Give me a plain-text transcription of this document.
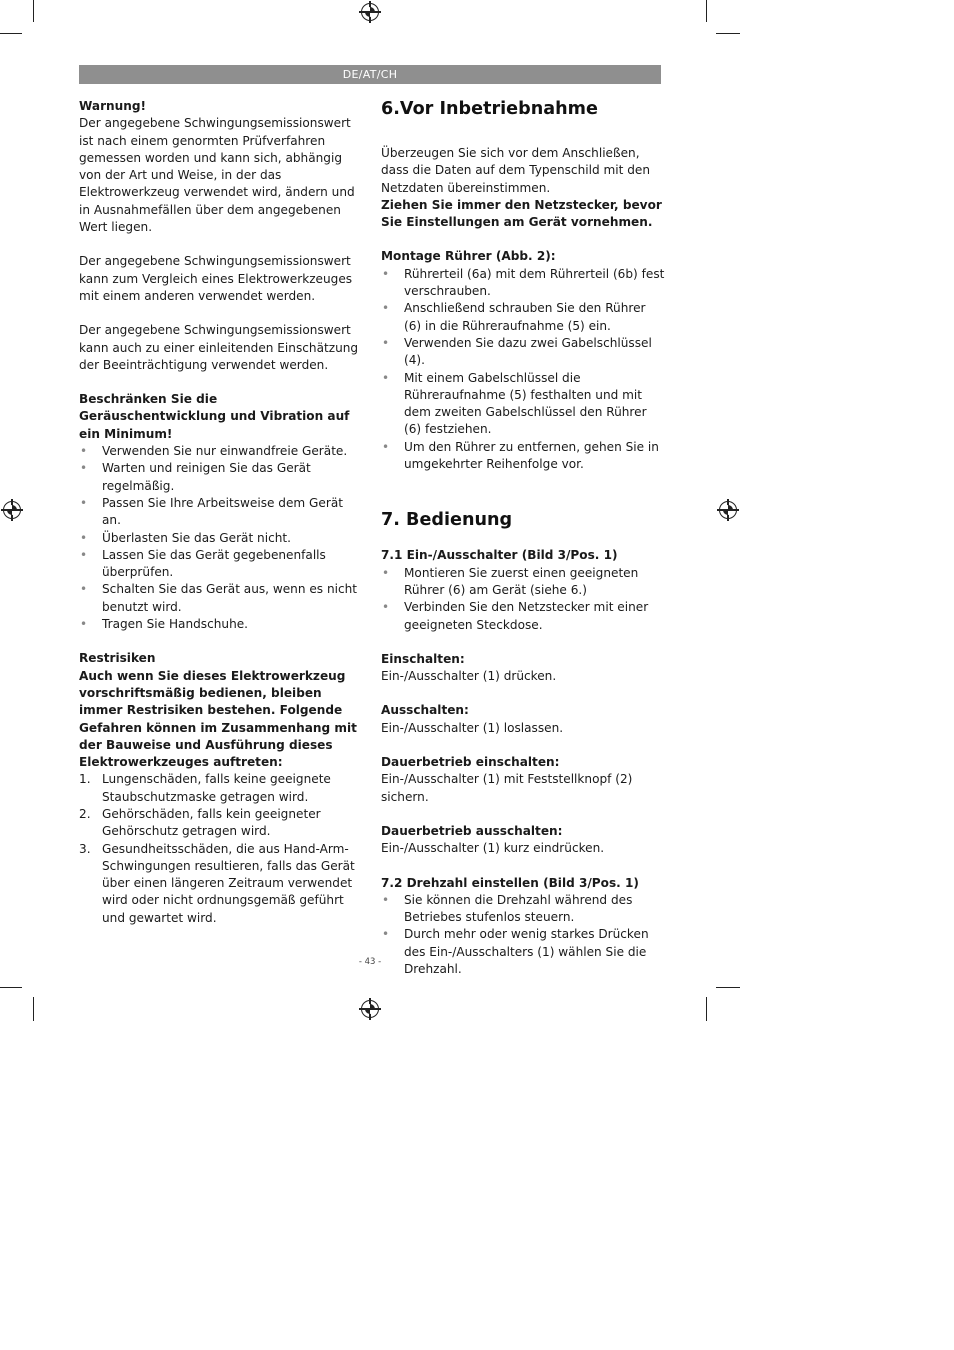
DE/AT/CH

Warnung!

Der angegebene Schwingungsemissionswert ist nach einem genormten Prüfverfahren gemessen worden und kann sich, abhängig von der Art und Weise, in der das Elektrowerkzeug verwendet wird, ändern und in Ausnahmefällen über dem angegebenen Wert liegen.

Der angegebene Schwingungsemissionswert kann zum Vergleich eines Elektrowerkzeuges mit einem anderen verwendet werden.

Der angegebene Schwingungsemissionswert kann auch zu einer einleitenden Einschätzung der Beeinträchtigung verwendet werden.

Beschränken Sie die Geräuschentwicklung und Vibration auf ein Minimum!

• Verwenden Sie nur einwandfreie Geräte.
• Warten und reinigen Sie das Gerät regelmäßig.
• Passen Sie Ihre Arbeitsweise dem Gerät an.
• Überlasten Sie das Gerät nicht.
• Lassen Sie das Gerät gegebenenfalls überprüfen.
• Schalten Sie das Gerät aus, wenn es nicht benutzt wird.
• Tragen Sie Handschuhe.

Restrisiken

Auch wenn Sie dieses Elektrowerkzeug vorschriftsmäßig bedienen, bleiben immer Restrisiken bestehen. Folgende Gefahren können im Zusammenhang mit der Bauweise und Ausführung dieses Elektrowerkzeuges auftreten:

1. Lungenschäden, falls keine geeignete Staubschutzmaske getragen wird.
2. Gehörschäden, falls kein geeigneter Gehörschutz getragen wird.
3. Gesundheitsschäden, die aus Hand-Arm-Schwingungen resultieren, falls das Gerät über einen längeren Zeitraum verwendet wird oder nicht ordnungsgemäß geführt und gewartet wird.
6.Vor Inbetriebnahme

Überzeugen Sie sich vor dem Anschließen, dass die Daten auf dem Typenschild mit den Netzdaten übereinstimmen.

Ziehen Sie immer den Netzstecker, bevor Sie Einstellungen am Gerät vornehmen.

Montage Rührer (Abb. 2):

• Rührerteil (6a) mit dem Rührerteil (6b) fest verschrauben.
• Anschließend schrauben Sie den Rührer (6) in die Rühreraufnahme (5) ein.
• Verwenden Sie dazu zwei Gabelschlüssel (4).
• Mit einem Gabelschlüssel die Rühreraufnahme (5) festhalten und mit dem zweiten Gabelschlüssel den Rührer (6) festziehen.
• Um den Rührer zu entfernen, gehen Sie in umgekehrter Reihenfolge vor.
7. Bedienung

7.1 Ein-/Ausschalter (Bild 3/Pos. 1)

• Montieren Sie zuerst einen geeigneten Rührer (6) am Gerät (siehe 6.)
• Verbinden Sie den Netzstecker mit einer geeigneten Steckdose.

Einschalten:

Ein-/Ausschalter (1) drücken.

Ausschalten:

Ein-/Ausschalter (1) loslassen.

Dauerbetrieb einschalten:

Ein-/Ausschalter (1) mit Feststellknopf (2) sichern.

Dauerbetrieb ausschalten:

Ein-/Ausschalter (1) kurz eindrücken.

7.2 Drehzahl einstellen (Bild 3/Pos. 1)

• Sie können die Drehzahl während des Betriebes stufenlos steuern.
• Durch mehr oder wenig starkes Drücken des Ein-/Ausschalters (1) wählen Sie die Drehzahl.
- 43 -
